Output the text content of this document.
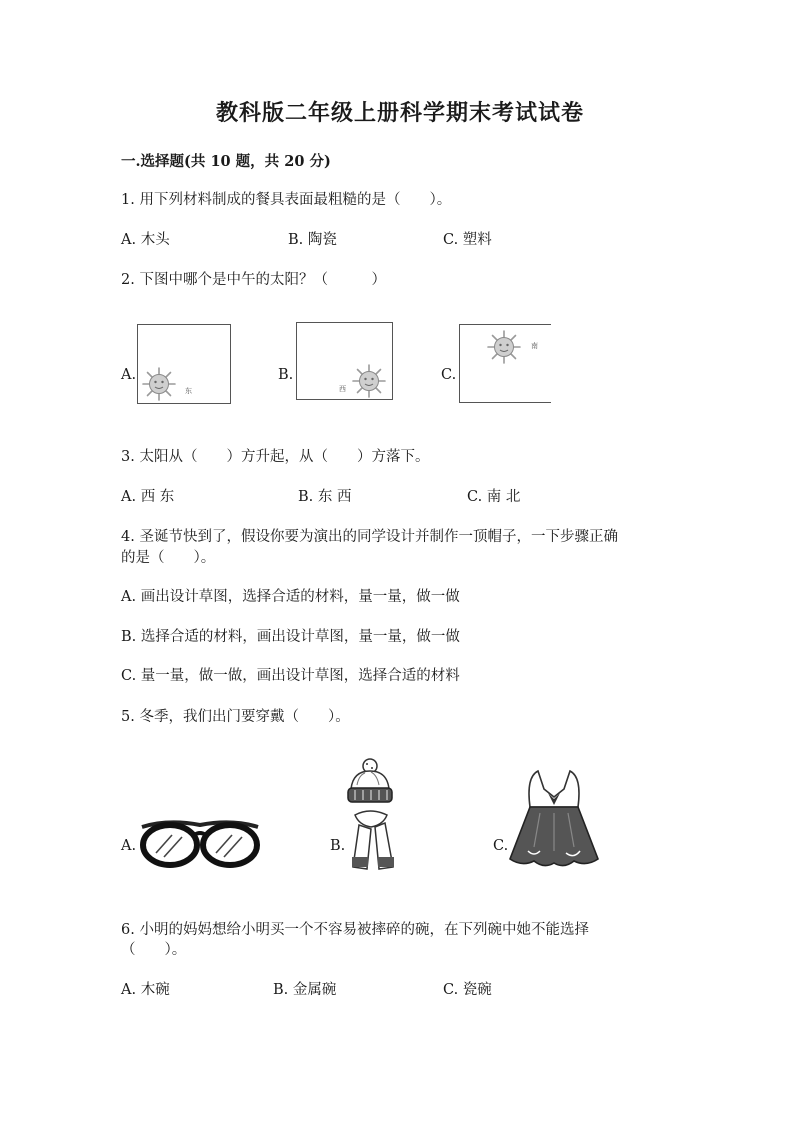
教科版二年级上册科学期末考试试卷
一.选择题(共 10 题，共 20 分)
1. 用下列材料制成的餐具表面最粗糙的是（　　）。
A. 木头	B. 陶瓷	C. 塑料
2. 下图中哪个是中午的太阳？（　　　）
A.
东
B.
西
C.
南
3. 太阳从（　　）方升起，从（　　）方落下。
A. 西 东	B. 东 西	C. 南 北
4. 圣诞节快到了，假设你要为演出的同学设计并制作一顶帽子，一下步骤正确
的是（　　）。
A. 画出设计草图，选择合适的材料，量一量，做一做
B. 选择合适的材料，画出设计草图，量一量，做一做
C. 量一量，做一做，画出设计草图，选择合适的材料
5. 冬季，我们出门要穿戴（　　）。
A.	B.	C.
6. 小明的妈妈想给小明买一个不容易被摔碎的碗，在下列碗中她不能选择
（　　）。
A. 木碗	B. 金属碗	C. 瓷碗
